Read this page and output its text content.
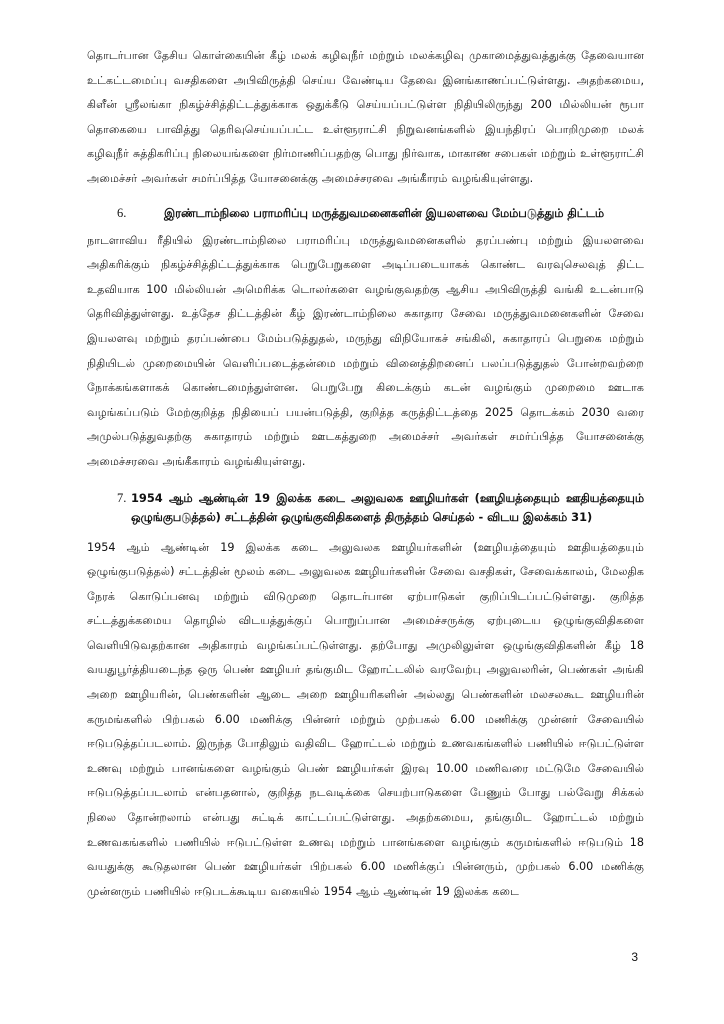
தொடர்பான தேசிய கொள்கையின் கீழ் மலக் கழிவுநீர் மற்றும் மலக்கழிவு முகாமைத்துவத்துக்கு தேவையான உட்கட்டமைப்பு வசதிகளை அபிவிருத்தி செய்ய வேண்டிய தேவை இனங்காணப்பட்டுள்ளது. அதற்கமைய, கிளீன் ஸ்ரீலங்கா நிகழ்ச்சித்திட்டத்துக்காக ஒதுக்கீடு செய்யப்பட்டுள்ள நிதியிலிருந்து 200 மில்லியன் ரூபா தொகையை பாவித்து தெரிவுசெய்யப்பட்ட உள்ளூராட்சி நிறுவனங்களில் இயந்திரப் பொறிமுறை மலக் கழிவுநீர் சுத்திகரிப்பு நிலையங்களை நிர்மாணிப்பதற்கு பொது நிர்வாக, மாகாண சபைகள் மற்றும் உள்ளூராட்சி அமைச்சர் அவர்கள் சமர்ப்பித்த யோசனைக்கு அமைச்சரவை அங்கீாரம் வழங்கியுள்ளது.

6.	இரண்டாம்நிலை பராமரிப்பு மருத்துவமனைகளின் இயலளவை மேம்படுத்தும் திட்டம்

நாடளாவிய ரீதியில் இரண்டாம்நிலை பராமரிப்பு மருத்துவமனைகளில் தரப்பண்பு மற்றும் இயலளவை அதிகரிக்கும் நிகழ்ச்சித்திட்டத்துக்காக பெறுபேறுகளை அடிப்படையாகக் கொண்ட வரவுசெலவுத் திட்ட உதவியாக 100 மில்லியன் அமெரிக்க டொலர்களை வழங்குவதற்கு ஆசிய அபிவிருத்தி வங்கி உடன்பாடு தெரிவித்துள்ளது. உத்தேச திட்டத்தின் கீழ் இரண்டாம்நிலை சுகாதார சேவை மருத்துவமனைகளின் சேவை இயலளவு மற்றும் தரப்பண்பை மேம்படுத்துதல், மருந்து விநியோகச் சங்கிலி, சுகாதாரப் பெறுகை மற்றும் நிதியிடல் முறைமையின் வெளிப்படைத்தன்மை மற்றும் வினைத்திறனைப் பலப்படுத்துதல் போன்றவற்றை நோக்கங்களாகக் கொண்டமைந்துள்ளன. பெறுபேறு கிடைக்கும் கடன் வழங்கும் முறைமை ஊடாக வழங்கப்படும் மேற்குறித்த நிதியைப் பயன்படுத்தி, குறித்த கருத்திட்டத்தை 2025 தொடக்கம் 2030 வரை அமுல்படுத்துவதற்கு சுகாதாரம் மற்றும் ஊடகத்துறை அமைச்சர் அவர்கள் சமர்ப்பித்த யோசனைக்கு அமைச்சரவை அங்கீகாரம் வழங்கியுள்ளது.

7. 1954 ஆம் ஆண்டின் 19 இலக்க கடை அலுவலக ஊழியர்கள் (ஊழியத்தையும் ஊதியத்தையும் ஒழுங்குபடுத்தல்) சட்டத்தின் ஒழுங்குவிதிகளைத் திருத்தம் செய்தல் - விடய இலக்கம் 31)

1954 ஆம் ஆண்டின் 19 இலக்க கடை அலுவலக ஊழியர்களின் (ஊழியத்தையும் ஊதியத்தையும் ஒழுங்குபடுத்தல்) சட்டத்தின் மூலம் கடை அலுவலக ஊழியர்களின் சேவை வசதிகள், சேவைக்காலம், மேலதிக நேரக் கொடுப்பனவு மற்றும் விடுமுறை தொடர்பான ஏற்பாடுகள் குறிப்பிடப்பட்டுள்ளது. குறித்த சட்டத்துக்கமைய தொழில் விடயத்துக்குப் பொறுப்பான அமைச்சருக்கு ஏற்புடைய ஒழுங்குவிதிகளை வெளியிடுவதற்கான அதிகாரம் வழங்கப்பட்டுள்ளது. தற்போது அமுலிலுள்ள ஒழுங்குவிதிகளின் கீழ் 18 வயதுபூர்த்தியடைந்த ஒரு பெண் ஊழியர் தங்குமிட ஹோட்டலில் வரவேற்பு அலுவலரின், பெண்கள் அங்கி அறை ஊழியரின், பெண்களின் ஆடை அறை ஊழியரிகளின் அல்லது பெண்களின் மலசலகூட ஊழியரின் கருமங்களில் பிற்பகல் 6.00 மணிக்கு பின்னர் மற்றும் முற்பகல் 6.00 மணிக்கு முன்னர் சேவையில் ஈடுபடுத்தப்படலாம். இருந்த போதிலும் வதிவிட ஹோட்டல் மற்றும் உணவகங்களில் பணியில் ஈடுபட்டுள்ள உணவு மற்றும் பானங்களை வழங்கும் பெண் ஊழியர்கள் இரவு 10.00 மணிவரை மட்டுமே சேவையில் ஈடுபடுத்தப்படலாம் என்பதனால், குறித்த நடவடிக்கை செயற்பாடுகளை பேணும் போது பல்வேறு சிக்கல் நிலை தோன்றலாம் என்பது சுட்டிக் காட்டப்பட்டுள்ளது. அதற்கமைய, தங்குமிட ஹோட்டல் மற்றும் உணவகங்களில் பணியில் ஈடுபட்டுள்ள உணவு மற்றும் பானங்களை வழங்கும் கருமங்களில் ஈடுபடும் 18 வயதுக்கு கூடுதலான பெண் ஊழியர்கள் பிற்பகல் 6.00 மணிக்குப் பின்னரும், முற்பகல் 6.00 மணிக்கு முன்னரும் பணியில் ஈடுபடக்கூடிய வகையில் 1954 ஆம் ஆண்டின் 19 இலக்க கடை

3
